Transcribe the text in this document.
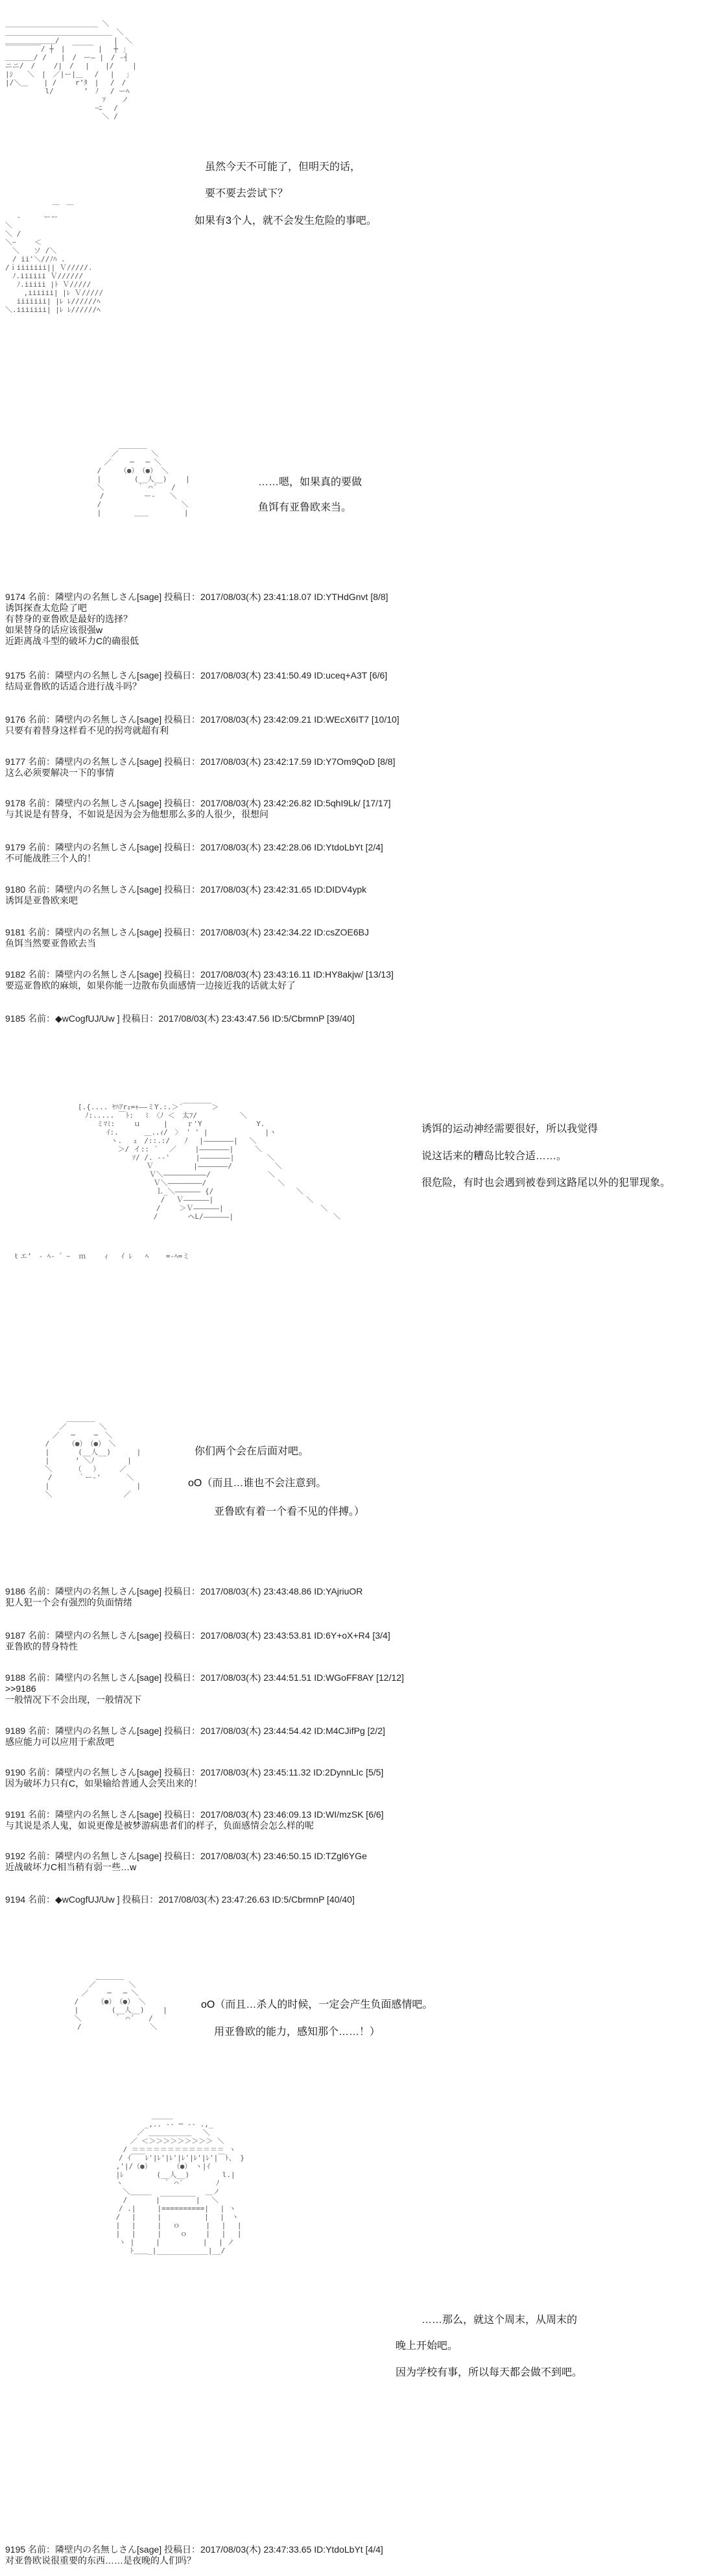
＿＿＿＿＿＿＿＿＿＿＿＿＿ ＼
＿＿＿＿＿＿＿＿＿＿＿＿＿＿＿ ＼
＿＿＿＿＿＿＿/　　　　　　　 |　＼
￣￣￣￣￣/ ┼　|　￣￣￣ |　 ┼ ｣
＿＿＿＿/ /　　|　/　ー― |　/ ‐┤
ニニ/　/　　 /|　/　 | 　 |/　　 |
|ｼ　　＼　|　／|ー|＿　 /　 |　 ｣
|/＼＿ 　 | /　　 r’ﾀ　|　 /　/
　　　　　 l/　　 　 ’　ﾉ 　/ ーﾍ
　　　　　　　　　　　　　 ｿ 　 ノ
　　　　　　　　　　　　 ｰﾆ　 /
　　　　　　　　　　　　　 ＼ /
　　　　　　 ￣　￣
　 ‐ 　　 ーー
＼
＼ /
＼ｰ　　 ＜
　＼　　ソ /＼
　/ ii'＼//ﾉﾊ .
/ｉiiiiiii|| Ｖ/////.
　ﾉ.iiiiii Ｖ//////
　 ﾉ.iiiii |ﾄ Ｖ/////
　　 ,iiiiii| |ﾚ Ｖ/////
　 iiiiiii| |ﾚ ﾚ//////ﾍ
＼.iiiiiii| |ﾚ ﾚ//////ﾍ
虽然今天不可能了，但明天的话，
要不要去尝试下？
如果有3个人，就不会发生危险的事吧。
　　　　　　 ＿＿＿＿
　　　　　 ／　　　　 ＼
　　　　 ／　　 ─　 ─ ＼
　　 　/　　 （●）　（●） ＼
　　　 |　　　　 (__人__)　　 |
　　　 ＼　　　　 ｀ ⌒´　　/
　　　　/　　　　　 ー‐　　＼
　　　 /　 　　　 　　　　　　＼
　　　 |　　　　 ＿＿　　　　　|
……嗯，如果真的要做
鱼饵有亚鲁欧来当。
9174 名前：隣壁内の名無しさん[sage] 投稿日：2017/08/03(木) 23:41:18.07 ID:YTHdGnvt [8/8]
诱饵探查太危险了吧
有替身的亚鲁欧是最好的选择？
如果替身的话应该很强w
近距离战斗型的破坏力C的确很低
9175 名前：隣壁内の名無しさん[sage] 投稿日：2017/08/03(木) 23:41:50.49 ID:uceq+A3T [6/6]
结局亚鲁欧的话适合进行战斗吗？
9176 名前：隣壁内の名無しさん[sage] 投稿日：2017/08/03(木) 23:42:09.21 ID:WEcX6IT7 [10/10]
只要有着替身这样看不见的拐弯就超有利
9177 名前：隣壁内の名無しさん[sage] 投稿日：2017/08/03(木) 23:42:17.59 ID:Y7Om9QoD [8/8]
这么必须要解决一下的事情
9178 名前：隣壁内の名無しさん[sage] 投稿日：2017/08/03(木) 23:42:26.82 ID:5qhI9Lk/ [17/17]
与其说是有替身，不如说是因为会为他想那么多的人很少，很想问
9179 名前：隣壁内の名無しさん[sage] 投稿日：2017/08/03(木) 23:42:28.06 ID:YtdoLbYt [2/4]
不可能战胜三个人的！
9180 名前：隣壁内の名無しさん[sage] 投稿日：2017/08/03(木) 23:42:31.65 ID:DIDV4ypk
诱饵是亚鲁欧来吧
9181 名前：隣壁内の名無しさん[sage] 投稿日：2017/08/03(木) 23:42:34.22 ID:csZOE6BJ
鱼饵当然要亚鲁欧去当
9182 名前：隣壁内の名無しさん[sage] 投稿日：2017/08/03(木) 23:43:16.11 ID:HY8akjw/ [13/13]
要巡亚鲁欧的麻烦，如果你能一边散布负面感情一边接近我的话就太好了
9185 名前：◆wCogfUJ/Uw ] 投稿日：2017/08/03(木) 23:43:47.56 ID:5/CbrmnP [39/40]
[.{.... ﾔﾊｱrｪ=ｬ――ミY.:.＞´￣￣￣￣＞
　ﾉ:..... ￣ﾄ:　 ﾐ 〈ﾉ ＜　太ﾌ/　　　　　　＼
　　 ミﾏﾐ:　 　ｕ 　　 |　　 ｒ'Y　　　　　　　 Y.
　　　　ｲ:.　　　 ＿..ｨ/　〉 ' ' |　　　　　　　　|ヽ
　　　　 ヽ.　 ｪ　/::.:/　　ﾉ　 |―――――――|　 ＼
　　　　　 ＞/ イ:: ´　 ／　　 |―――――――|　　　＼
　　　　　　　 ｿ/ /. ‐‐'　　　 |―――――――|　　　　 ＼
　　　　　　　　　 Ｖ　　　　　 |―――――――/　　　　　　＼
　　　　　　　　　　Ｖ＼――――――――――/　　　　　　　　＼
　　　　　　　　　　 Ｖ＼――――――――/　　　　　　　　　　＼
　　　　　　　　　　　Ｌ_＼―――――― {/　　　　　　　　　　　 ＼
　　　　　　　　　　　 /　 Ｖ――――――|　　　　　　　　　　　　　＼
　　　　　　　　　　　/　　 ＞Ｖ――――――|　　　　　　　　　　　　　 ＼
　　　　　　　　　　 / 　　　 ヘL/――――――|　　　　　　　　　　　　　　＼
诱饵的运动神经需要很好，所以我觉得
说这话来的糟岛比较合适……。
很危险，有时也会遇到被卷到这路尾以外的犯罪现象。
ｔエ’　‐ ﾍ‐ ゛ｰ  ｍ　　 ｨ   ｲ ﾚ   ﾍ    =-ﾍ=ミ
　　　　　　 ＿＿＿＿
　　　　　 ／　　　　 ＼
　　　　 ／　 ─　　 ─　＼
　　　 /　　 （●）　（●）　＼
　　　 |　　　　(__人__)　　　 |
　　　 |　　　 ‘ ＼ﾉ　　　　 |
　　　 ＼　 　　（　 ）　 　 ／
　　　　/　　　 ｀ー‐'　　　 ＼
　　　 |　　　 　　　　　　　　 |
　　　 ＼　　　　　　　　　　／
你们两个会在后面对吧。
oO（而且…谁也不会注意到。
亚鲁欧有着一个看不见的伴搏。）
9186 名前：隣壁内の名無しさん[sage] 投稿日：2017/08/03(木) 23:43:48.86 ID:YAjriuOR
犯人犯一个会有强烈的负面情绪
9187 名前：隣壁内の名無しさん[sage] 投稿日：2017/08/03(木) 23:43:53.81 ID:6Y+oX+R4 [3/4]
亚鲁欧的替身特性
9188 名前：隣壁内の名無しさん[sage] 投稿日：2017/08/03(木) 23:44:51.51 ID:WGoFF8AY [12/12]
>>9186
一般情况下不会出现，一般情况下
9189 名前：隣壁内の名無しさん[sage] 投稿日：2017/08/03(木) 23:44:54.42 ID:M4CJifPg [2/2]
感应能力可以应用于索敌吧
9190 名前：隣壁内の名無しさん[sage] 投稿日：2017/08/03(木) 23:45:11.32 ID:2DynnLIc [5/5]
因为破坏力只有C，如果输给普通人会笑出来的！
9191 名前：隣壁内の名無しさん[sage] 投稿日：2017/08/03(木) 23:46:09.13 ID:WI/mzSK [6/6]
与其说是杀人鬼，如说更像是被梦游病患者们的样子，负面感情会怎么样的呢
9192 名前：隣壁内の名無しさん[sage] 投稿日：2017/08/03(木) 23:46:50.15 ID:TZgl6YGe
近战破坏力C相当稍有弱一些…w
9194 名前：◆wCogfUJ/Uw ] 投稿日：2017/08/03(木) 23:47:26.63 ID:5/CbrmnP [40/40]
　　　　　　 ＿＿＿＿
　　　　　 ／　　　　 ＼
　　　　 ／　　 ─　 ─ ＼
　　 　/　　 （●）　（●） ＼
　　　 |　　　　 (__人__)　　 |
　　　 ＼　　　　 ｀ ⌒´　　/
　　　　/　　　　　　　　　 ＼
oO（而且…杀人的时候，一定会产生负面感情吧。
用亚鲁欧的能力，感知那个……！）
　　　　　　　 ＿＿＿
　　　　　　 _,.. -‐ ─ ‐- .,_
　　　　　 ／ ＿＿＿＿＿＿　 ＼
　　　　 ／ ＜＞＞＞＞＞＞＞＞＞ ＼
　　　 / ＝＝＝＝＝＝＝＝＝＝＝＝＝ ヽ
　　　/ ｲ￣￣ﾚ'|ﾚ'|ﾚ'|ﾚ'|ﾚ'|ﾚ'|￣ﾄ、 }
　　 ,'|/（●）　　　　（●）　ヽ|ｲ
　　 |ﾚ　　　　 (__人__)　　　　 l.|
　　 ヽ　　　　　 ｀ ⌒´　　　　 ﾉ
　　　 ＼＿＿＿　　　　　　　 ＿ノ
　　　 /　　　　|￣￣￣￣￣|　 ＼
　　　/ .|　　　|==========|　 | ヽ
　　 /　 |　　　|　　　　　　|　 |　ヽ
　　 |　 |　　　|　 ｏ　　　 |　 |　 |
　　 |　 |　　　|　　 ｏ　　 |　 |　 |
　　　ヽ |　　　|　　　　　　|　 | ノ
　　　　 ﾄ＿＿_|____________|__/
……那么，就这个周末，从周末的
晚上开始吧。
因为学校有事，所以每天都会做不到吧。
9195 名前：隣壁内の名無しさん[sage] 投稿日：2017/08/03(木) 23:47:33.65 ID:YtdoLbYt [4/4]
对亚鲁欧说很重要的东西……是夜晚的人们吗？
